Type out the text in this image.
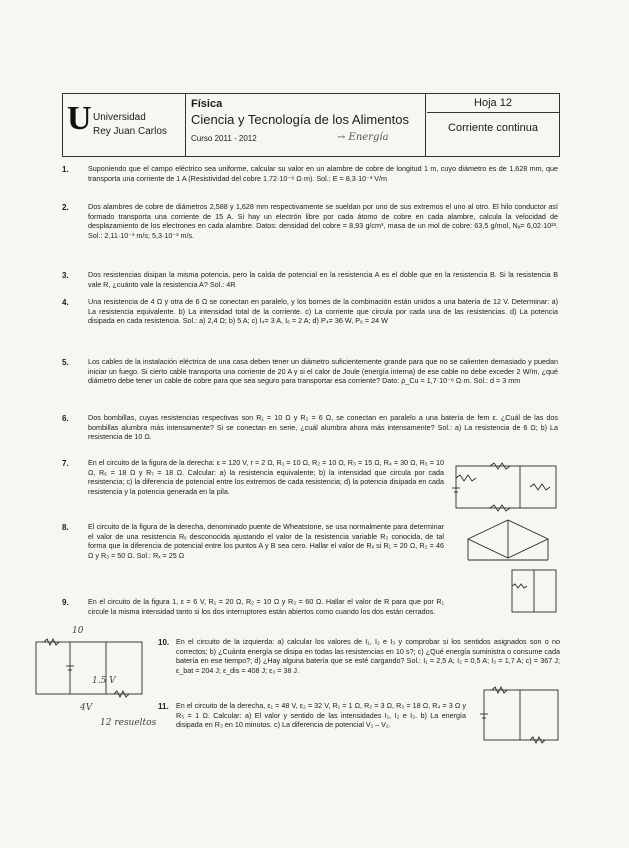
U Universidad
Rey Juan Carlos
Física
Ciencia y Tecnología de los Alimentos
Curso 2011 - 2012	→ Energía
Hoja 12
Corriente continua
1.	Suponiendo que el campo eléctrico sea uniforme, calcular su valor en un alambre de cobre de longitud 1 m, cuyo diámetro es de 1,628 mm, que transporta una corriente de 1 A (Resistividad del cobre 1.72·10⁻⁸ Ω·m). Sol.: E = 8,3·10⁻³ V/m
2.	Dos alambres de cobre de diámetros 2,588 y 1,628 mm respectivamente se sueldan por uno de sus extremos el uno al otro. El hilo conductor así formado transporta una corriente de 15 A. Si hay un electrón libre por cada átomo de cobre en cada alambre, calcula la velocidad de desplazamiento de los electrones en cada alambre. Datos: densidad del cobre = 8,93 g/cm³, masa de un mol de cobre: 63,5 g/mol, Nₐ= 6,02·10²³. Sol.: 2,11·10⁻³ m/s; 5,3·10⁻³ m/s.
3.	Dos resistencias disipan la misma potencia, pero la caída de potencial en la resistencia A es el doble que en la resistencia B. Si la resistencia B vale R, ¿cuánto vale la resistencia A? Sol.: 4R
4.	Una resistencia de 4 Ω y otra de 6 Ω se conectan en paralelo, y los bornes de la combinación están unidos a una batería de 12 V. Determinar: a) La resistencia equivalente. b) La intensidad total de la corriente. c) La corriente que circula por cada una de las resistencias. d) La potencia disipada en cada resistencia. Sol.: a) 2,4 Ω; b) 5 A; c) I₄= 3 A, I₆ = 2 A; d) P₄= 36 W, P₆ = 24 W
5.	Los cables de la instalación eléctrica de una casa deben tener un diámetro suficientemente grande para que no se calienten demasiado y puedan iniciar un fuego. Si cierto cable transporta una corriente de 20 A y si el calor de Joule (energía interna) de ese cable no debe exceder 2 W/m, ¿qué diámetro debe tener un cable de cobre para que sea seguro para transportar esa corriente? Dato: ρ_Cu = 1,7·10⁻⁸ Ω·m. Sol.: d = 3 mm
6.	Dos bombillas, cuyas resistencias respectivas son R₁ = 10 Ω y R₂ = 6 Ω, se conectan en paralelo a una batería de fem ε. ¿Cuál de las dos bombillas alumbra más intensamente? Si se conectan en serie, ¿cuál alumbra ahora más intensamente? Sol.: a) La resistencia de 6 Ω; b) La resistencia de 10 Ω.
7.	En el circuito de la figura de la derecha: ε = 120 V, r = 2 Ω, R₁ = 10 Ω, R₂ = 10 Ω, R₃ = 15 Ω, R₄ = 30 Ω, R₅ = 10 Ω, R₆ = 18 Ω y R₇ = 18 Ω. Calcular: a) la resistencia equivalente; b) la intensidad que circula por cada resistencia; c) la diferencia de potencial entre los extremos de cada resistencia; d) la potencia disipada en cada resistencia y la potencia generada en la pila.
8.	El circuito de la figura de la derecha, denominado puente de Wheatstone, se usa normalmente para determinar el valor de una resistencia Rₓ desconocida ajustando el valor de la resistencia variable R₃ conocida, de tal forma que la diferencia de potencial entre los puntos A y B sea cero. Hallar el valor de Rₓ si R₁ = 20 Ω, R₂ = 46 Ω y R₃ = 50 Ω. Sol.: Rₓ = 25 Ω
9.	En el circuito de la figura 1, ε = 6 V, R₁ = 20 Ω, R₂ = 10 Ω y R₃ = 60 Ω. Hallar el valor de R para que por R₁ circule la misma intensidad tanto si los dos interruptores están abiertos como cuando los dos están cerrados.
10. En el circuito de la izquierda: a) calcular los valores de I₁, I₂ e I₃ y comprobar si los sentidos asignados son o no correctos; b) ¿Cuánta energía se disipa en todas las resistencias en 10 s?; c) ¿Qué energía suministra o consume cada batería en ese tiempo?; d) ¿Hay alguna batería que se esté cargando? Sol.: I₁ = 2,5 A; I₂ = 0,5 A; I₃ = 1,7 A; c) = 367 J; ε_bat = 204 J; ε_dis = 408 J; ε₃ = 38 J.
11. En el circuito de la derecha, ε₁ = 48 V, ε₂ = 32 V, R₁ = 1 Ω, R₂ = 3 Ω, R₃ = 18 Ω, R₄ = 3 Ω y R₅ = 1 Ω. Calcular: a) El valor y sentido de las intensidades I₁, I₂ e I₃. b) La energía disipada en R₃ en 10 minutos. c) La diferencia de potencial V₁ – V₂.
12 resueltos
4V
1.5 V
10
